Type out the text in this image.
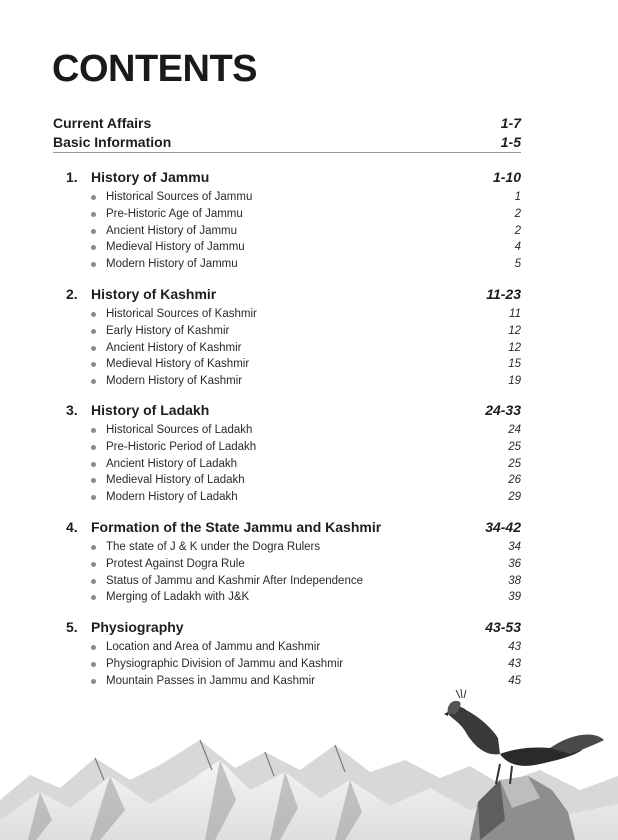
CONTENTS
Current Affairs	1-7
Basic Information	1-5
1. History of Jammu	1-10
Historical Sources of Jammu	1
Pre-Historic Age of Jammu	2
Ancient History of Jammu	2
Medieval History of Jammu	4
Modern History of Jammu	5
2. History of Kashmir	11-23
Historical Sources of Kashmir	11
Early History of Kashmir	12
Ancient History of Kashmir	12
Medieval History of Kashmir	15
Modern History of Kashmir	19
3. History of Ladakh	24-33
Historical Sources of Ladakh	24
Pre-Historic Period of Ladakh	25
Ancient History of Ladakh	25
Medieval History of Ladakh	26
Modern History of Ladakh	29
4. Formation of the State Jammu and Kashmir	34-42
The state of J & K under the Dogra Rulers	34
Protest Against Dogra Rule	36
Status of Jammu and Kashmir After Independence	38
Merging of Ladakh with J&K	39
5. Physiography	43-53
Location and Area of Jammu and Kashmir	43
Physiographic Division of Jammu and Kashmir	43
Mountain Passes in Jammu and Kashmir	45
